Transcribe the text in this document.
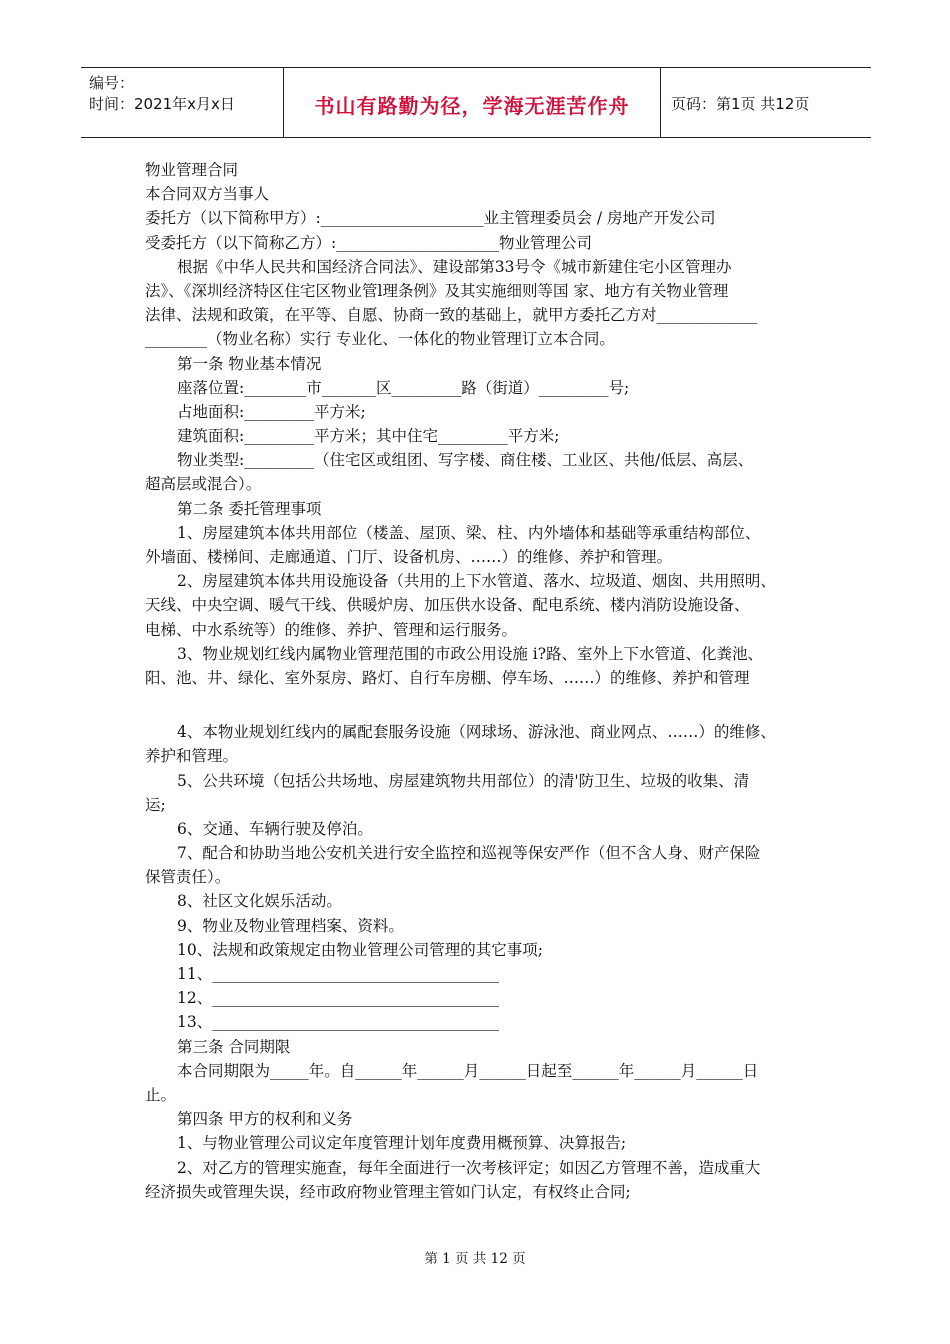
编号：
时间：2021年x月x日	书山有路勤为径，学海无涯苦作舟	页码：第1页 共12页
物业管理合同
本合同双方当事人
委托方（以下简称甲方）:_____________________业主管理委员会 / 房地产开发公司
受委托方（以下简称乙方）:_____________________物业管理公司
根据《中华人民共和国经济合同法》、建设部第33号令《城市新建住宅小区管理办
法》、《深圳经济特区住宅区物业管l理条例》及其实施细则等国 家、地方有关物业管理
法律、法规和政策，在平等、自愿、协商一致的基础上，就甲方委托乙方对_____________
________（物业名称）实行 专业化、一体化的物业管理订立本合同。
第一条 物业基本情况
座落位置:________市_______区_________路（街道）_________号;
占地面积:_________平方米;
建筑面积:_________平方米；其中住宅_________平方米;
物业类型:_________（住宅区或组团、写字楼、商住楼、工业区、共他/低层、高层、
超高层或混合）。
第二条 委托管理事项
1、房屋建筑本体共用部位（楼盖、屋顶、梁、柱、内外墙体和基础等承重结构部位、
外墙面、楼梯间、走廊通道、门厅、设备机房、……）的维修、养护和管理。
2、房屋建筑本体共用设施设备（共用的上下水管道、落水、垃圾道、烟囱、共用照明、
天线、中央空调、暖气干线、供暖炉房、加压供水设备、配电系统、楼内消防设施设备、
电梯、中水系统等）的维修、养护、管理和运行服务。
3、物业规划红线内属物业管理范围的市政公用设施 i?路、室外上下水管道、化粪池、
阳、池、井、绿化、室外泵房、路灯、自行车房棚、停车场、……）的维修、养护和管理
4、本物业规划红线内的属配套服务设施（网球场、游泳池、商业网点、……）的维修、
养护和管理。
5、公共环境（包括公共场地、房屋建筑物共用部位）的清'防卫生、垃圾的收集、清
运;
6、交通、车辆行驶及停泊。
7、配合和协助当地公安机关进行安全监控和巡视等保安严作（但不含人身、财产保险
保管责任）。
8、社区文化娱乐活动。
9、物业及物业管理档案、资料。
10、法规和政策规定由物业管理公司管理的其它事项;
11、_____________________________________
12、_____________________________________
13、_____________________________________
第三条 合同期限
本合同期限为_____年。自______年______月______日起至______年______月______日
止。
第四条 甲方的权利和义务
1、与物业管理公司议定年度管理计划年度费用概预算、决算报告;
2、对乙方的管理实施查，每年全面进行一次考核评定；如因乙方管理不善，造成重大
经济损失或管理失误，经市政府物业管理主管如门认定，有权终止合同;
第 1 页 共 12 页
